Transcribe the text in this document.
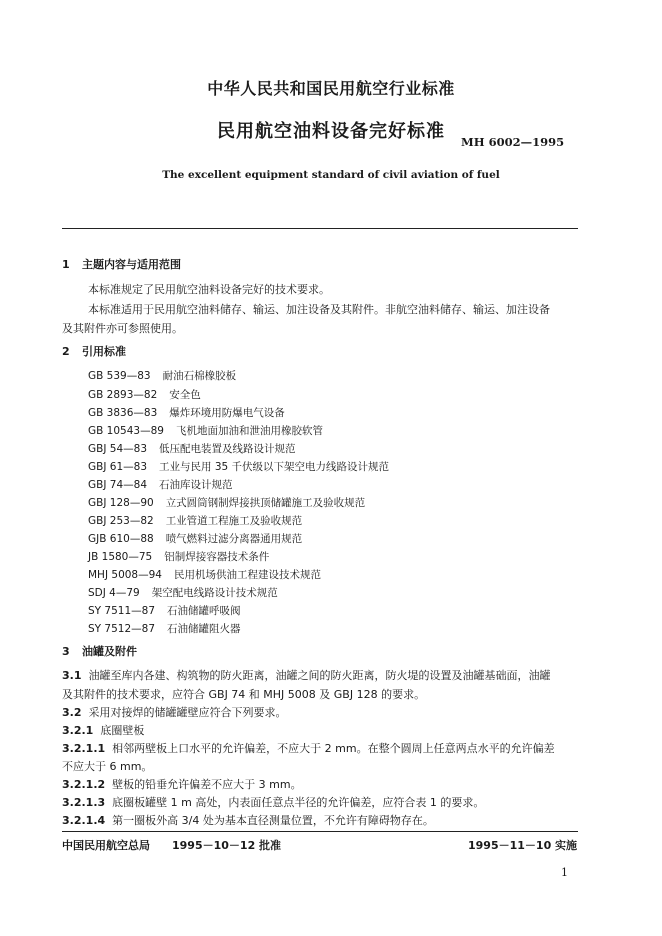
中华人民共和国民用航空行业标准
民用航空油料设备完好标准	MH 6002—1995
The excellent equipment standard of civil aviation of fuel
1 主题内容与适用范围
本标准规定了民用航空油料设备完好的技术要求。
本标准适用于民用航空油料储存、输运、加注设备及其附件。非航空油料储存、输运、加注设备
及其附件亦可参照使用。
2 引用标准
GB 539—83 耐油石棉橡胶板
GB 2893—82 安全色
GB 3836—83 爆炸环境用防爆电气设备
GB 10543—89 飞机地面加油和泄油用橡胶软管
GBJ 54—83 低压配电装置及线路设计规范
GBJ 61—83 工业与民用 35 千伏级以下架空电力线路设计规范
GBJ 74—84 石油库设计规范
GBJ 128—90 立式圆筒钢制焊接拱顶储罐施工及验收规范
GBJ 253—82 工业管道工程施工及验收规范
GJB 610—88 喷气燃料过滤分离器通用规范
JB 1580—75 铝制焊接容器技术条件
MHJ 5008—94 民用机场供油工程建设技术规范
SDJ 4—79 架空配电线路设计技术规范
SY 7511—87 石油储罐呼吸阀
SY 7512—87 石油储罐阻火器
3 油罐及附件
3.1 油罐至库内各建、构筑物的防火距离，油罐之间的防火距离，防火堤的设置及油罐基础面，油罐
及其附件的技术要求，应符合 GBJ 74 和 MHJ 5008 及 GBJ 128 的要求。
3.2 采用对接焊的储罐罐壁应符合下列要求。
3.2.1 底圈壁板
3.2.1.1 相邻两壁板上口水平的允许偏差，不应大于 2 mm。在整个圆周上任意两点水平的允许偏差
不应大于 6 mm。
3.2.1.2 壁板的铅垂允许偏差不应大于 3 mm。
3.2.1.3 底圈板罐壁 1 m 高处，内表面任意点半径的允许偏差，应符合表 1 的要求。
3.2.1.4 第一圈板外高 3/4 处为基本直径测量位置，不允许有障碍物存在。
中国民用航空总局 1995－10－12 批准	1995－11－10 实施
1
